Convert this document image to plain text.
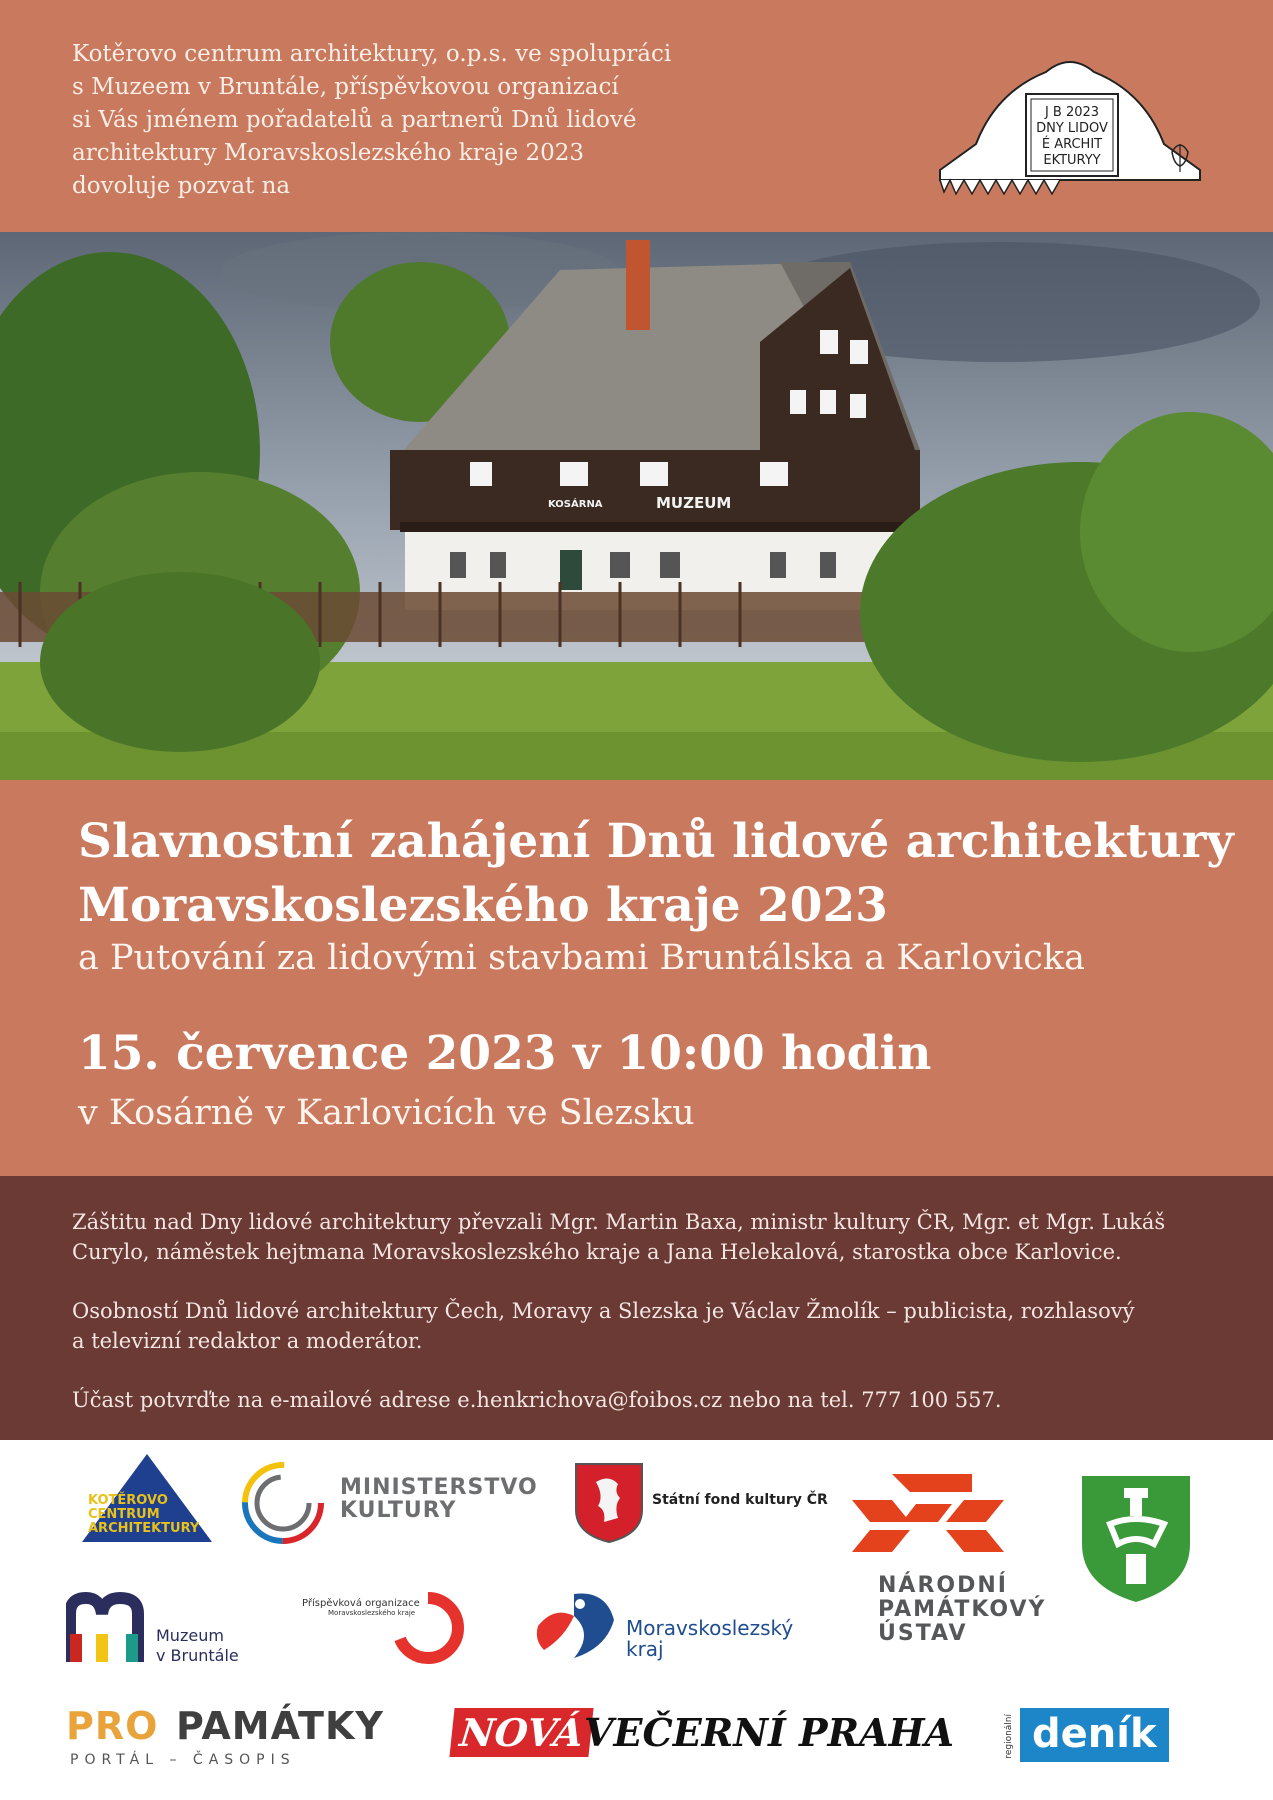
Kotěrovo centrum architektury, o.p.s. ve spolupráci
s Muzeem v Bruntále, příspěvkovou organizací
si Vás jménem pořadatelů a partnerů Dnů lidové
architektury Moravskoslezského kraje 2023
dovoluje pozvat na
J B 2023
DNY LIDOV
É ARCHIT
EKTURYY
KOSÁRNA	MUZEUM
Slavnostní zahájení Dnů lidové architektury
Moravskoslezského kraje 2023
a Putování za lidovými stavbami Bruntálska a Karlovicka
15. července 2023 v 10:00 hodin
v Kosárně v Karlovicích ve Slezsku

Záštitu nad Dny lidové architektury převzali Mgr. Martin Baxa, ministr kultury ČR, Mgr. et Mgr. Lukáš
Curylo, náměstek hejtmana Moravskoslezského kraje a Jana Helekalová, starostka obce Karlovice.

Osobností Dnů lidové architektury Čech, Moravy a Slezska je Václav Žmolík – publicista, rozhlasový
a televizní redaktor a moderátor.

Účast potvrďte na e-mailové adrese e.henkrichova@foibos.cz nebo na tel. 777 100 557.

KOTĚROVO
CENTRUM
ARCHITEKTURY
MINISTERSTVO
KULTURY	Státní fond kultury ČR
NÁRODNÍ
PAMÁTKOVÝ
ÚSTAV
Muzeum
v Bruntále
Příspěvková organizace
Moravskoslezského kraje
Moravskoslezský
kraj
PRO PAMÁTKY
PORTÁL – ČASOPIS
NOVÁ
VEČERNÍ PRAHA	regionální deník
